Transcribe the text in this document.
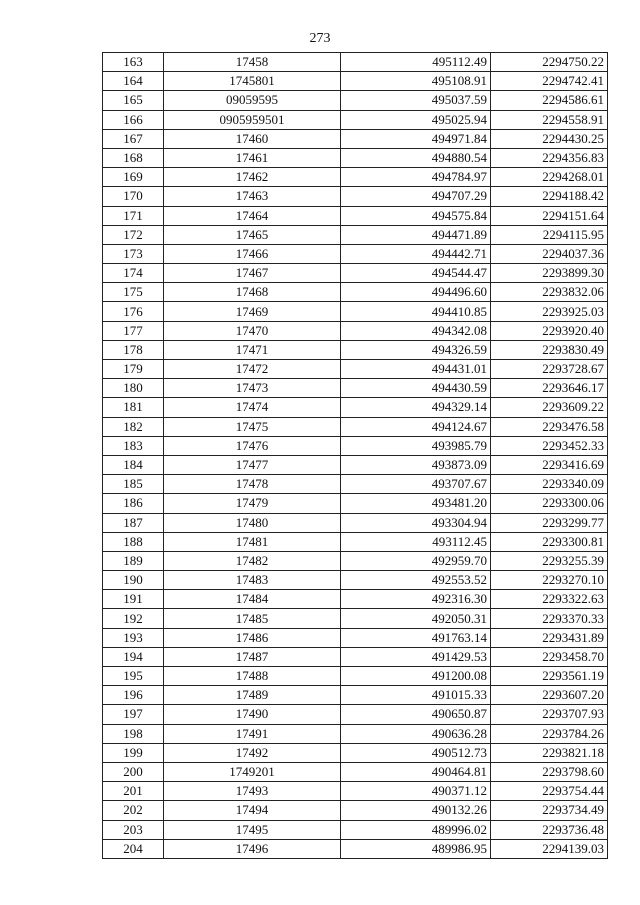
273
163	17458	495112.49	2294750.22
164	1745801	495108.91	2294742.41
165	09059595	495037.59	2294586.61
166	0905959501	495025.94	2294558.91
167	17460	494971.84	2294430.25
168	17461	494880.54	2294356.83
169	17462	494784.97	2294268.01
170	17463	494707.29	2294188.42
171	17464	494575.84	2294151.64
172	17465	494471.89	2294115.95
173	17466	494442.71	2294037.36
174	17467	494544.47	2293899.30
175	17468	494496.60	2293832.06
176	17469	494410.85	2293925.03
177	17470	494342.08	2293920.40
178	17471	494326.59	2293830.49
179	17472	494431.01	2293728.67
180	17473	494430.59	2293646.17
181	17474	494329.14	2293609.22
182	17475	494124.67	2293476.58
183	17476	493985.79	2293452.33
184	17477	493873.09	2293416.69
185	17478	493707.67	2293340.09
186	17479	493481.20	2293300.06
187	17480	493304.94	2293299.77
188	17481	493112.45	2293300.81
189	17482	492959.70	2293255.39
190	17483	492553.52	2293270.10
191	17484	492316.30	2293322.63
192	17485	492050.31	2293370.33
193	17486	491763.14	2293431.89
194	17487	491429.53	2293458.70
195	17488	491200.08	2293561.19
196	17489	491015.33	2293607.20
197	17490	490650.87	2293707.93
198	17491	490636.28	2293784.26
199	17492	490512.73	2293821.18
200	1749201	490464.81	2293798.60
201	17493	490371.12	2293754.44
202	17494	490132.26	2293734.49
203	17495	489996.02	2293736.48
204	17496	489986.95	2294139.03
